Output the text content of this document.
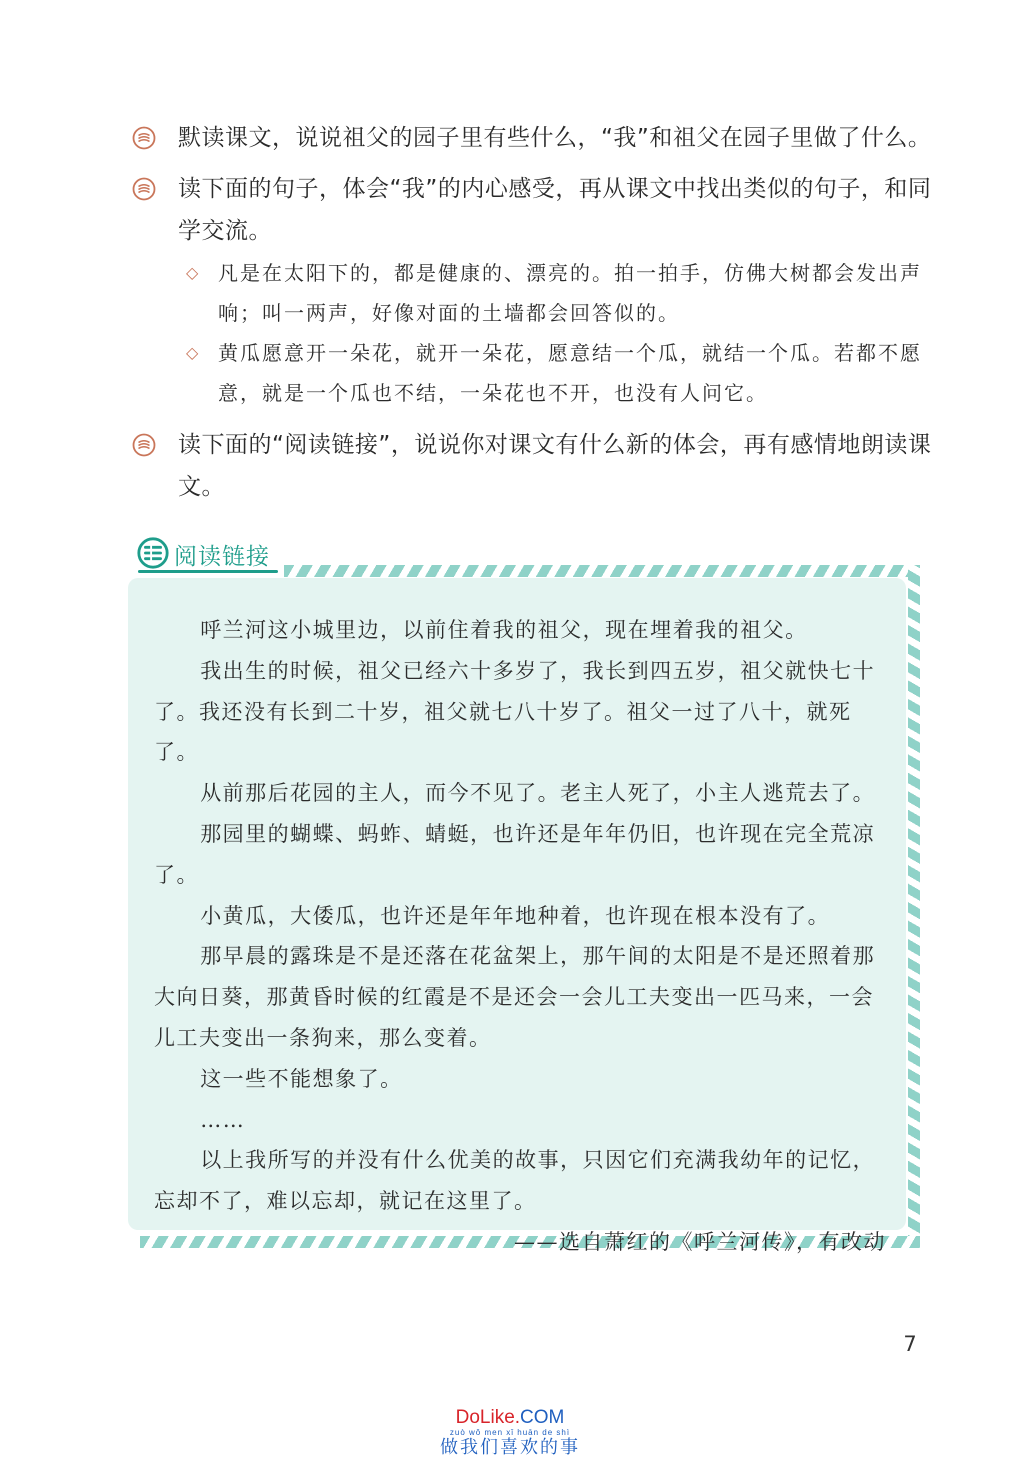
默读课文，说说祖父的园子里有些什么，“我”和祖父在园子里做了什么。
读下面的句子，体会“我”的内心感受，再从课文中找出类似的句子，和同学交流。
◇ 凡是在太阳下的，都是健康的、漂亮的。拍一拍手，仿佛大树都会发出声响；叫一两声，好像对面的土墙都会回答似的。
◇ 黄瓜愿意开一朵花，就开一朵花，愿意结一个瓜，就结一个瓜。若都不愿意，就是一个瓜也不结，一朵花也不开，也没有人问它。
读下面的“阅读链接”，说说你对课文有什么新的体会，再有感情地朗读课文。
阅读链接

呼兰河这小城里边，以前住着我的祖父，现在埋着我的祖父。

我出生的时候，祖父已经六十多岁了，我长到四五岁，祖父就快七十了。我还没有长到二十岁，祖父就七八十岁了。祖父一过了八十，就死了。

从前那后花园的主人，而今不见了。老主人死了，小主人逃荒去了。

那园里的蝴蝶、蚂蚱、蜻蜓，也许还是年年仍旧，也许现在完全荒凉了。

小黄瓜，大倭瓜，也许还是年年地种着，也许现在根本没有了。

那早晨的露珠是不是还落在花盆架上，那午间的太阳是不是还照着那大向日葵，那黄昏时候的红霞是不是还会一会儿工夫变出一匹马来，一会儿工夫变出一条狗来，那么变着。

这一些不能想象了。

……

以上我所写的并没有什么优美的故事，只因它们充满我幼年的记忆，忘却不了，难以忘却，就记在这里了。

——选自萧红的《呼兰河传》，有改动

7
DoLike.COM
zuò wǒ men xǐ huān de shì
做我们喜欢的事
